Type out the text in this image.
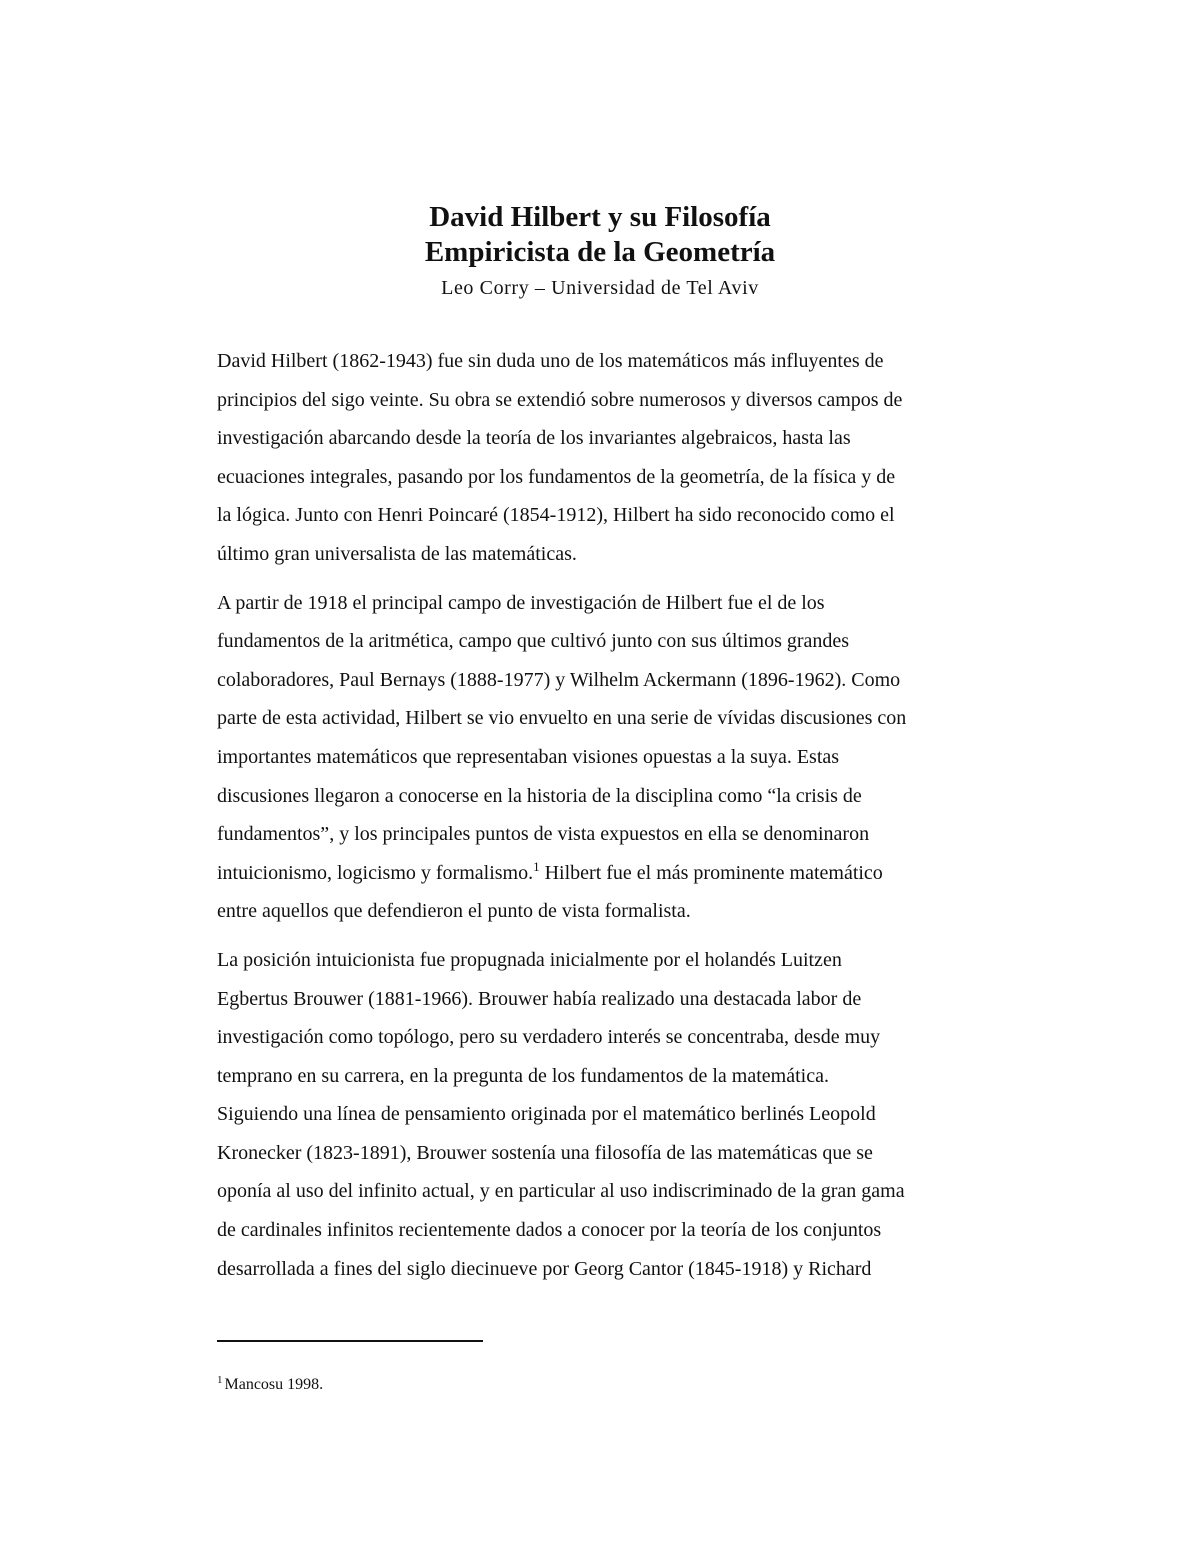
David Hilbert y su Filosofía

Empiricista de la Geometría

Leo Corry – Universidad de Tel Aviv

David Hilbert (1862-1943) fue sin duda uno de los matemáticos más influyentes de
principios del sigo veinte. Su obra se extendió sobre numerosos y diversos campos de
investigación abarcando desde la teoría de los invariantes algebraicos, hasta las
ecuaciones integrales, pasando por los fundamentos de la geometría, de la física y de
la lógica. Junto con Henri Poincaré (1854-1912), Hilbert ha sido reconocido como el
último gran universalista de las matemáticas.

A partir de 1918 el principal campo de investigación de Hilbert fue el de los
fundamentos de la aritmética, campo que cultivó junto con sus últimos grandes
colaboradores, Paul Bernays (1888-1977) y Wilhelm Ackermann (1896-1962). Como
parte de esta actividad, Hilbert se vio envuelto en una serie de vívidas discusiones con
importantes matemáticos que representaban visiones opuestas a la suya. Estas
discusiones llegaron a conocerse en la historia de la disciplina como “la crisis de
fundamentos”, y los principales puntos de vista expuestos en ella se denominaron
intuicionismo, logicismo y formalismo.$^1$ Hilbert fue el más prominente matemático
entre aquellos que defendieron el punto de vista formalista.

La posición intuicionista fue propugnada inicialmente por el holandés Luitzen
Egbertus Brouwer (1881-1966). Brouwer había realizado una destacada labor de
investigación como topólogo, pero su verdadero interés se concentraba, desde muy
temprano en su carrera, en la pregunta de los fundamentos de la matemática.
Siguiendo una línea de pensamiento originada por el matemático berlinés Leopold
Kronecker (1823-1891), Brouwer sostenía una filosofía de las matemáticas que se
oponía al uso del infinito actual, y en particular al uso indiscriminado de la gran gama
de cardinales infinitos recientemente dados a conocer por la teoría de los conjuntos
desarrollada a fines del siglo diecinueve por Georg Cantor (1845-1918) y Richard

$^1$ Mancosu 1998.
